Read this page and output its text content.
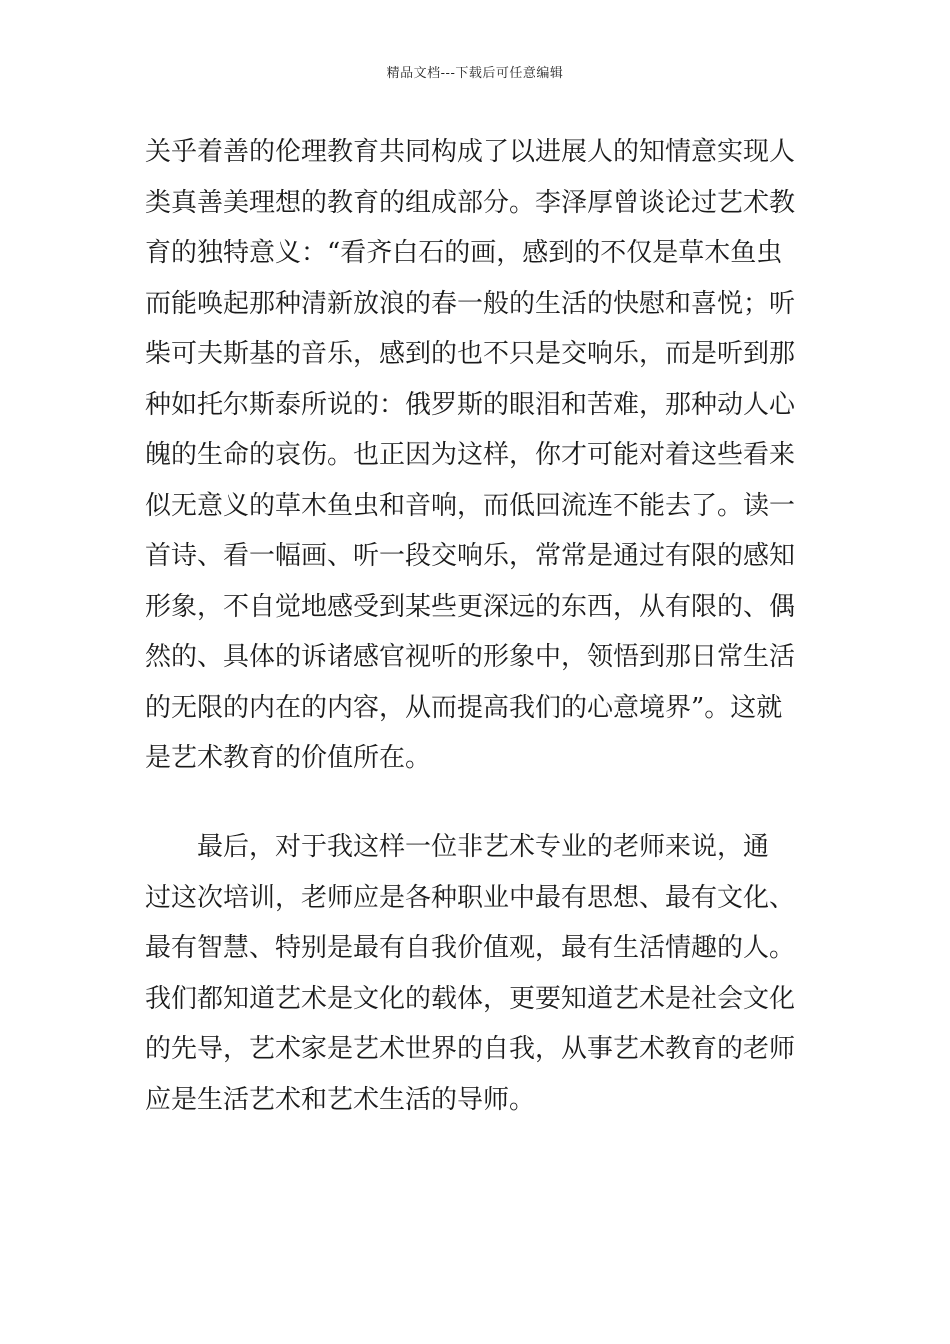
精品文档---下载后可任意编辑
关乎着善的伦理教育共同构成了以进展人的知情意实现人
类真善美理想的教育的组成部分。李泽厚曾谈论过艺术教
育的独特意义：“看齐白石的画，感到的不仅是草木鱼虫
而能唤起那种清新放浪的春一般的生活的快慰和喜悦；听
柴可夫斯基的音乐，感到的也不只是交响乐，而是听到那
种如托尔斯泰所说的：俄罗斯的眼泪和苦难，那种动人心
魄的生命的哀伤。也正因为这样，你才可能对着这些看来
似无意义的草木鱼虫和音响，而低回流连不能去了。读一
首诗、看一幅画、听一段交响乐，常常是通过有限的感知
形象，不自觉地感受到某些更深远的东西，从有限的、偶
然的、具体的诉诸感官视听的形象中，领悟到那日常生活
的无限的内在的内容，从而提高我们的心意境界”。这就
是艺术教育的价值所在。
　　最后，对于我这样一位非艺术专业的老师来说，通
过这次培训，老师应是各种职业中最有思想、最有文化、
最有智慧、特别是最有自我价值观，最有生活情趣的人。
我们都知道艺术是文化的载体，更要知道艺术是社会文化
的先导，艺术家是艺术世界的自我，从事艺术教育的老师
应是生活艺术和艺术生活的导师。
